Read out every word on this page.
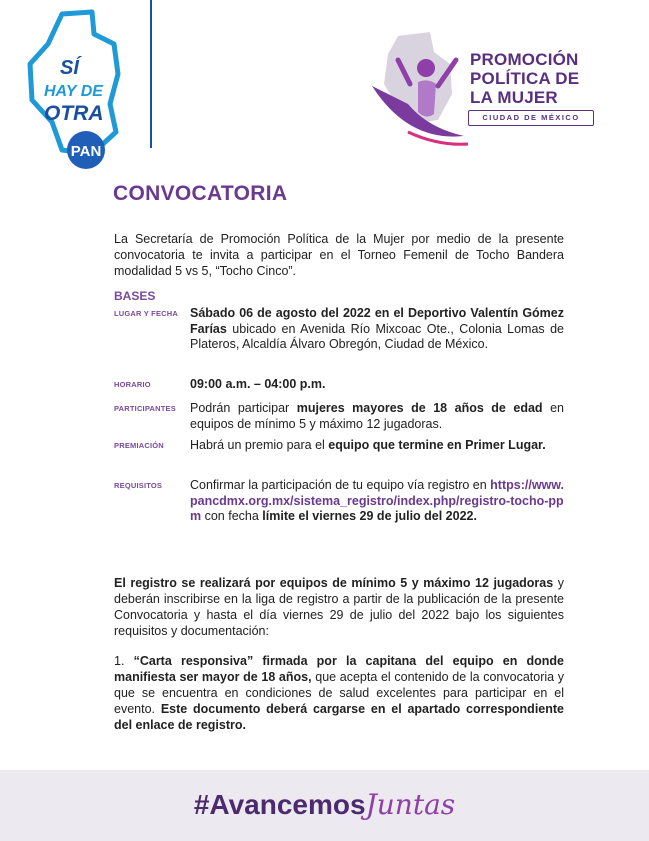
SÍ
HAY DE
OTRA
PAN
PROMOCIÓN
POLÍTICA DE
LA MUJER
CIUDAD DE MÉXICO
CONVOCATORIA
La Secretaría de Promoción Política de la Mujer por medio de la presente convocatoria te invita a participar en el Torneo Femenil de Tocho Bandera modalidad 5 vs 5, “Tocho Cinco”.
BASES
LUGAR Y FECHA Sábado 06 de agosto del 2022 en el Deportivo Valentín Gómez Farías ubicado en Avenida Río Mixcoac Ote., Colonia Lomas de Plateros, Alcaldía Álvaro Obregón, Ciudad de México.
HORARIO	09:00 a.m. – 04:00 p.m.
PARTICIPANTES Podrán participar mujeres mayores de 18 años de edad en equipos de mínimo 5 y máximo 12 jugadoras.
PREMIACIÓN Habrá un premio para el equipo que termine en Primer Lugar.
REQUISITOS Confirmar la participación de tu equipo vía registro en https://www.pancdmx.org.mx/sistema_registro/index.php/registro-tocho-ppm con fecha límite el viernes 29 de julio del 2022.
El registro se realizará por equipos de mínimo 5 y máximo 12 jugadoras y deberán inscribirse en la liga de registro a partir de la publicación de la presente Convocatoria y hasta el día viernes 29 de julio del 2022 bajo los siguientes requisitos y documentación:
1. “Carta responsiva” firmada por la capitana del equipo en donde manifiesta ser mayor de 18 años, que acepta el contenido de la convocatoria y que se encuentra en condiciones de salud excelentes para participar en el evento. Este documento deberá cargarse en el apartado correspondiente del enlace de registro.
#AvancemosJuntas
